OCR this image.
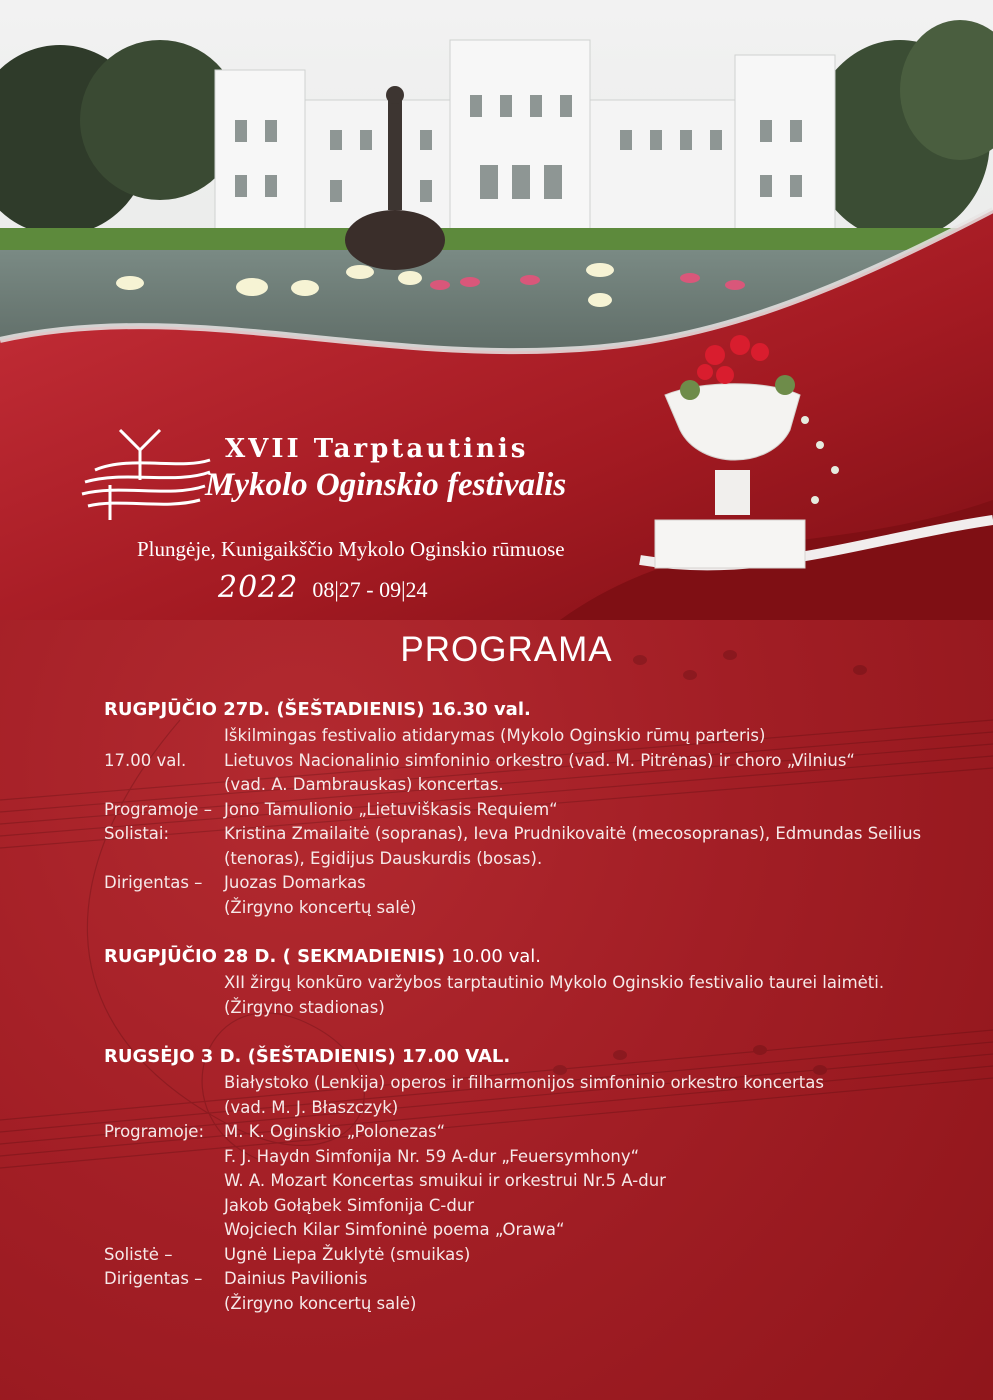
XVII Tarptautinis

Mykolo Oginskio festivalis

Plungėje, Kunigaikščio Mykolo Oginskio rūmuose

2022 08|27 - 09|24

PROGRAMA

RUGPJŪČIO 27D. (ŠEŠTADIENIS) 16.30 val.

Iškilmingas festivalio atidarymas (Mykolo Oginskio rūmų parteris)
17.00 val.	Lietuvos Nacionalinio simfoninio orkestro (vad. M. Pitrėnas) ir choro „Vilnius“
(vad. A. Dambrauskas) koncertas.
Programoje – Jono Tamulionio „Lietuviškasis Requiem“
Solistai:	Kristina Zmailaitė (sopranas), Ieva Prudnikovaitė (mecosopranas), Edmundas Seilius
(tenoras), Egidijus Dauskurdis (bosas).
Dirigentas –	Juozas Domarkas
(Žirgyno koncertų salė)

RUGPJŪČIO 28 D. ( SEKMADIENIS) 10.00 val.

XII žirgų konkūro varžybos tarptautinio Mykolo Oginskio festivalio taurei laimėti.
(Žirgyno stadionas)

RUGSĖJO 3 D. (ŠEŠTADIENIS) 17.00 VAL.

Białystoko (Lenkija) operos ir filharmonijos simfoninio orkestro koncertas
(vad. M. J. Błaszczyk)
Programoje:	M. K. Oginskio „Polonezas“
F. J. Haydn Simfonija Nr. 59 A-dur „Feuersymhony“
W. A. Mozart Koncertas smuikui ir orkestrui Nr.5 A-dur
Jakob Gołąbek Simfonija C-dur
Wojciech Kilar Simfoninė poema „Orawa“
Solistė –	Ugnė Liepa Žuklytė (smuikas)
Dirigentas –	Dainius Pavilionis
(Žirgyno koncertų salė)
